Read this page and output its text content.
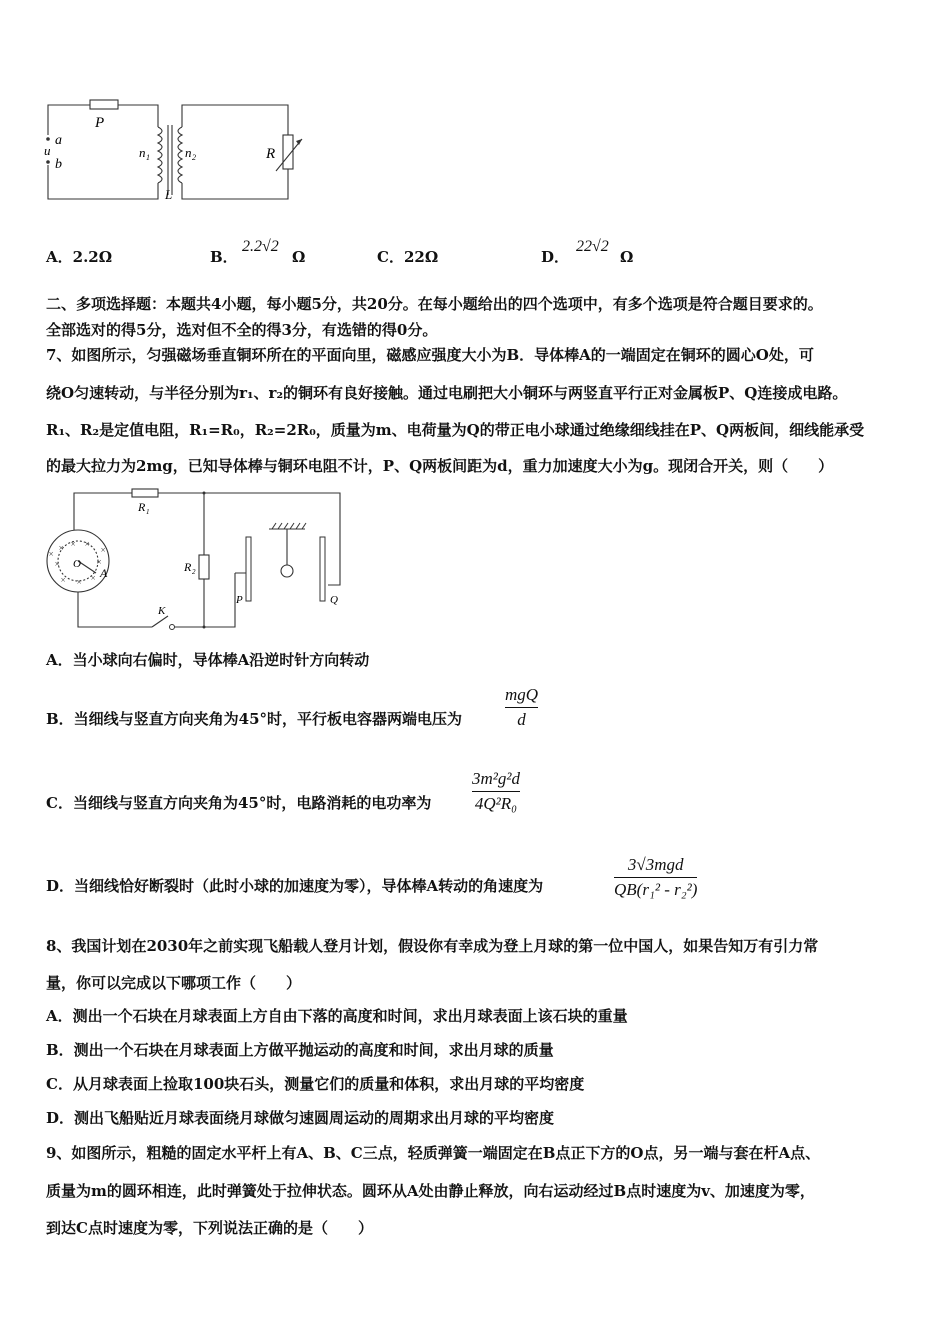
P
a
u
b
n 1	n 2
L
R
A．2.2Ω	B．
2.2√2
Ω	C．22Ω	D．
22√2
Ω
二、多项选择题：本题共4小题，每小题5分，共20分。在每小题给出的四个选项中，有多个选项是符合题目要求的。
全部选对的得5分，选对但不全的得3分，有选错的得0分。
7、如图所示，匀强磁场垂直铜环所在的平面向里，磁感应强度大小为B．导体棒A的一端固定在铜环的圆心O处，可
绕O匀速转动，与半径分别为r₁、r₂的铜环有良好接触。通过电刷把大小铜环与两竖直平行正对金属板P、Q连接成电路。
R₁、R₂是定值电阻，R₁=R₀，R₂=2R₀，质量为m、电荷量为Q的带正电小球通过绝缘细线挂在P、Q两板间，细线能承受
的最大拉力为2mg，已知导体棒与铜环电阻不计，P、Q两板间距为d，重力加速度大小为g。现闭合开关，则（　　）
× × ×
×	×
× × ×
×	×
R 1
R 2
A
O
K
P	Q
A．当小球向右偏时，导体棒A沿逆时针方向转动
B．当细线与竖直方向夹角为45°时，平行板电容器两端电压为
mgQ
d
C．当细线与竖直方向夹角为45°时，电路消耗的电功率为
3m²g²d
4Q²R₀
D．当细线恰好断裂时（此时小球的加速度为零），导体棒A转动的角速度为
3√3mgd
QB(r₁² - r₂²)
8、我国计划在2030年之前实现飞船载人登月计划，假设你有幸成为登上月球的第一位中国人，如果告知万有引力常
量，你可以完成以下哪项工作（　　）
A．测出一个石块在月球表面上方自由下落的高度和时间，求出月球表面上该石块的重量
B．测出一个石块在月球表面上方做平抛运动的高度和时间，求出月球的质量
C．从月球表面上捡取100块石头，测量它们的质量和体积，求出月球的平均密度
D．测出飞船贴近月球表面绕月球做匀速圆周运动的周期求出月球的平均密度
9、如图所示，粗糙的固定水平杆上有A、B、C三点，轻质弹簧一端固定在B点正下方的O点，另一端与套在杆A点、
质量为m的圆环相连，此时弹簧处于拉伸状态。圆环从A处由静止释放，向右运动经过B点时速度为v、加速度为零，
到达C点时速度为零，下列说法正确的是（　　）
